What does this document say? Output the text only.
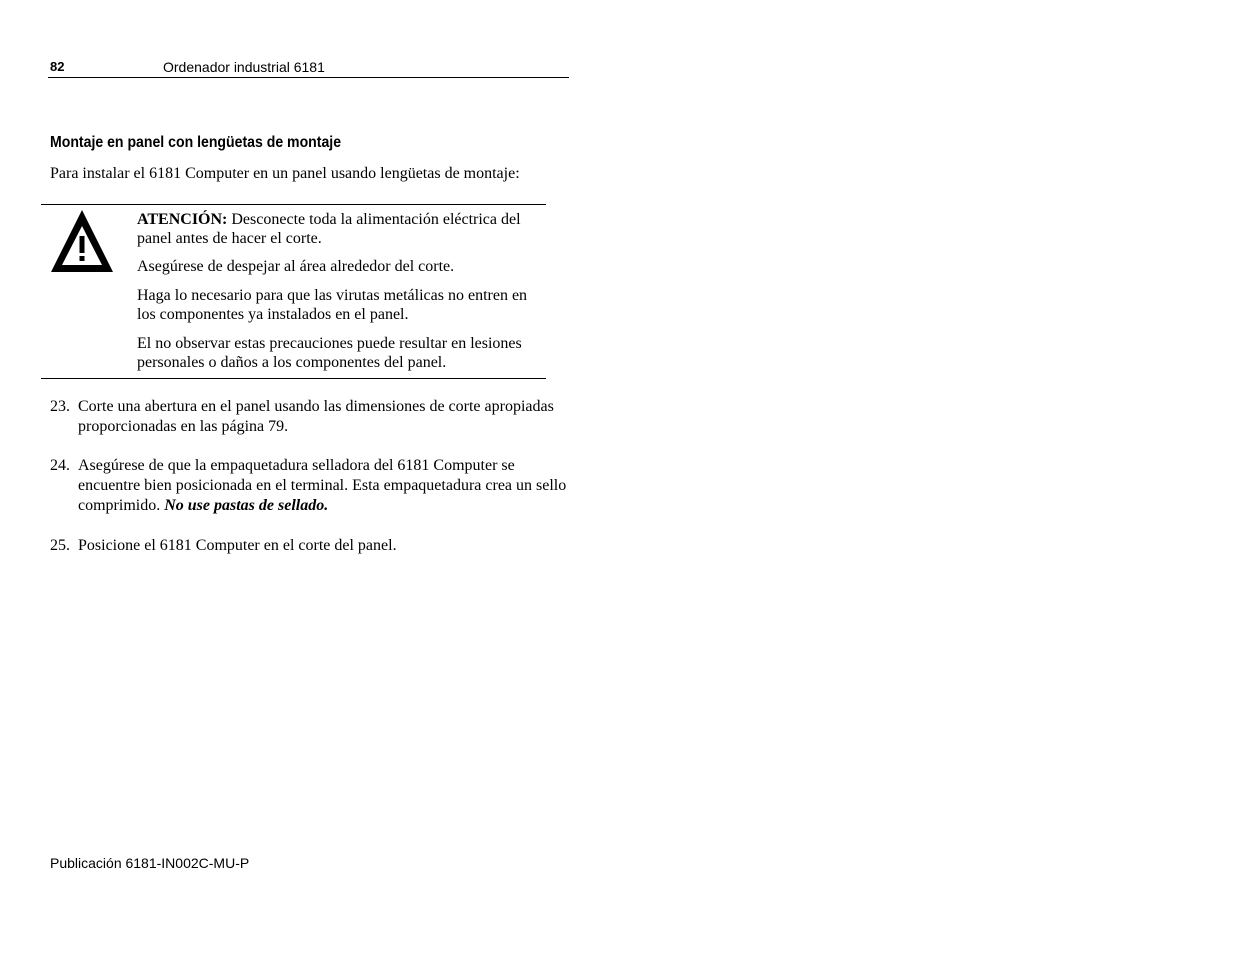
82	Ordenador industrial 6181
Montaje en panel con lengüetas de montaje
Para instalar el 6181 Computer en un panel usando lengüetas de montaje:
ATENCIÓN: Desconecte toda la alimentación eléctrica del panel antes de hacer el corte.
Asegúrese de despejar al área alrededor del corte.
Haga lo necesario para que las virutas metálicas no entren en los componentes ya instalados en el panel.
El no observar estas precauciones puede resultar en lesiones personales o daños a los componentes del panel.
23. Corte una abertura en el panel usando las dimensiones de corte apropiadas proporcionadas en las página 79.
24. Asegúrese de que la empaquetadura selladora del 6181 Computer se encuentre bien posicionada en el terminal. Esta empaquetadura crea un sello comprimido. No use pastas de sellado.
25. Posicione el 6181 Computer en el corte del panel.
Publicación 6181-IN002C-MU-P
